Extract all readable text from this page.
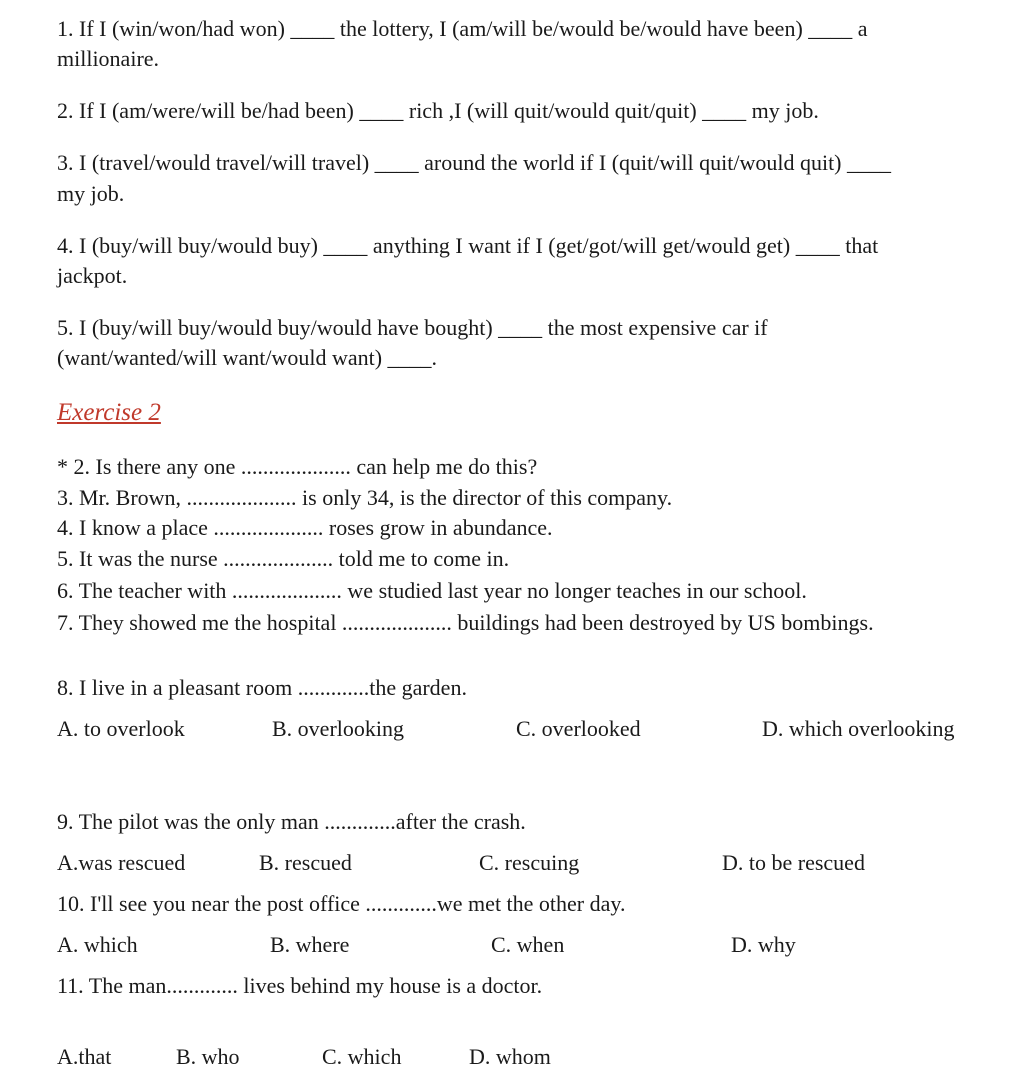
1. If I (win/won/had won) ____ the lottery, I (am/will be/would be/would have been) ____ a
millionaire.
2. If I (am/were/will be/had been) ____ rich ,I (will quit/would quit/quit) ____ my job.
3. I (travel/would travel/will travel) ____ around the world if I (quit/will quit/would quit) ____
my job.
4. I (buy/will buy/would buy) ____ anything I want if I (get/got/will get/would get) ____ that
jackpot.
5. I (buy/will buy/would buy/would have bought) ____ the most expensive car if
(want/wanted/will want/would want) ____.
Exercise 2
* 2. Is there any one .................... can help me do this?
3. Mr. Brown, .................... is only 34, is the director of this company.
4. I know a place .................... roses grow in abundance.
5. It was the nurse .................... told me to come in.
6. The teacher with .................... we studied last year no longer teaches in our school.
7. They showed me the hospital .................... buildings had been destroyed by US bombings.
8. I live in a pleasant room .............the garden.
A. to overlook	B. overlooking	C. overlooked	D. which overlooking
9. The pilot was the only man .............after the crash.
A.was rescued	B. rescued	C. rescuing	D. to be rescued
10. I'll see you near the post office .............we met the other day.
A. which	B. where	C. when	D. why
11. The man............. lives behind my house is a doctor.
A.that	B. who	C. which	D. whom
